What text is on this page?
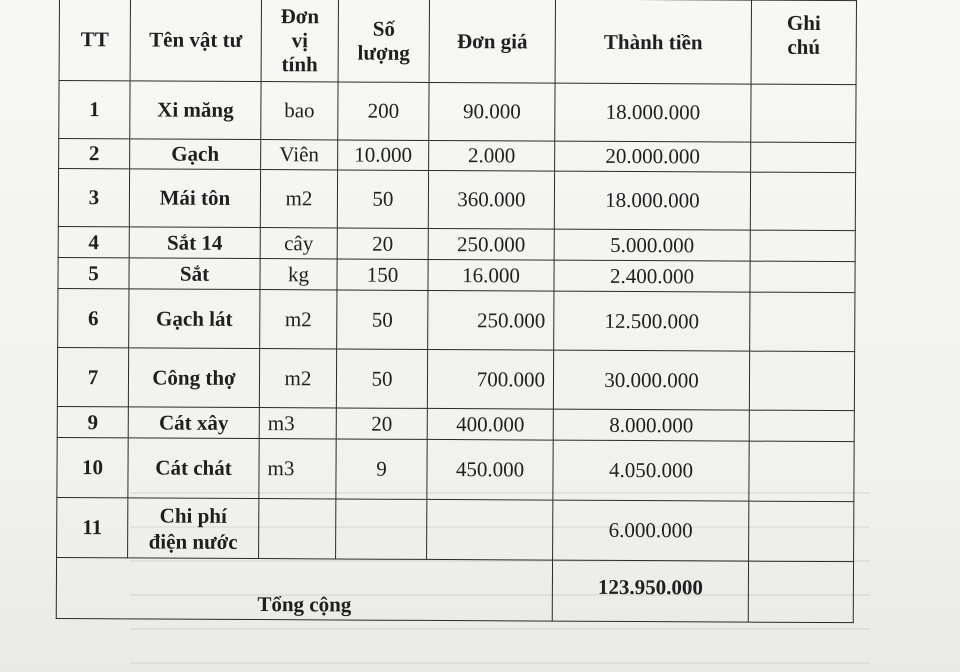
TT	Tên vật tư	Đơn vị tính	Số lượng	Đơn giá	Thành tiền	Ghi chú
1	Xi măng	bao	200	90.000	18.000.000	
2	Gạch	Viên	10.000	2.000	20.000.000	
3	Mái tôn	m2	50	360.000	18.000.000	
4	Sắt 14	cây	20	250.000	5.000.000	
5	Sắt	kg	150	16.000	2.400.000	
6	Gạch lát	m2	50	250.000	12.500.000	
7	Công thợ	m2	50	700.000	30.000.000	
9	Cát xây	m3	20	400.000	8.000.000	
10	Cát chát	m3	9	450.000	4.050.000	
11	Chi phí điện nước				6.000.000	
Tổng cộng					123.950.000	
